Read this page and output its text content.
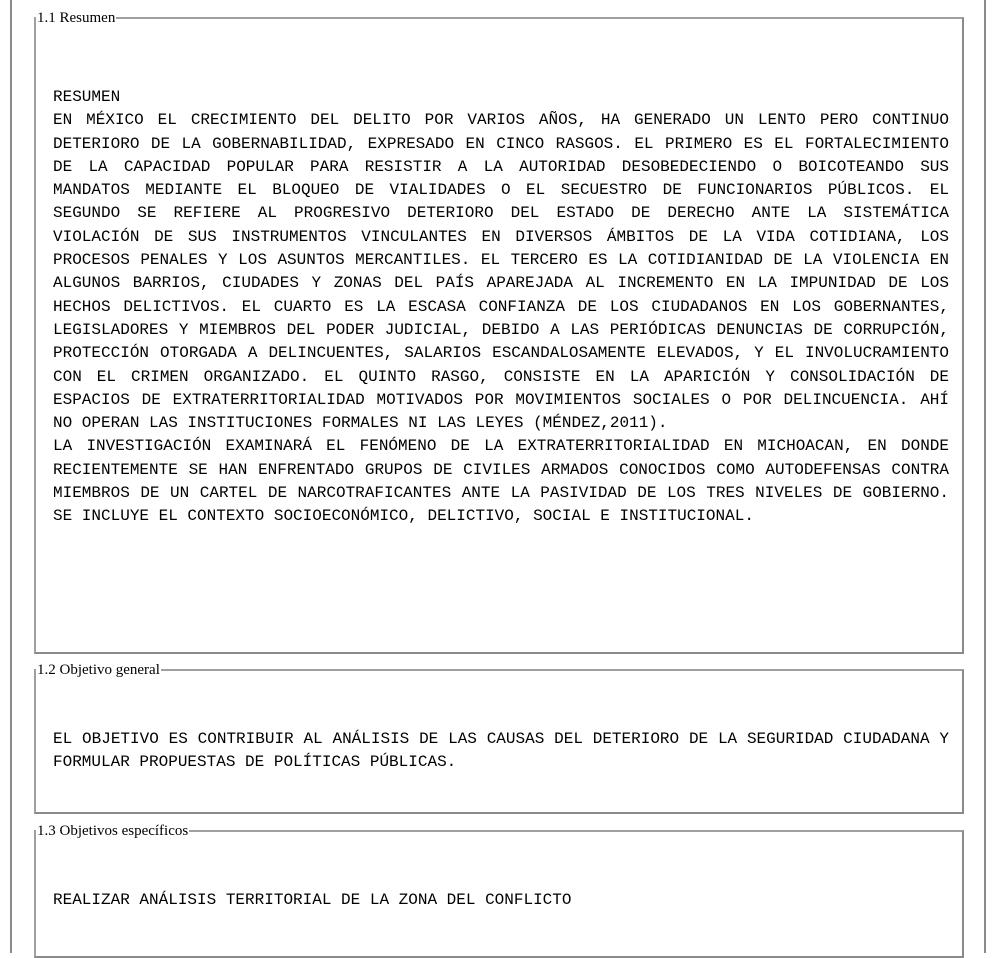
1.1 Resumen

RESUMEN

EN MÉXICO EL CRECIMIENTO DEL DELITO POR VARIOS AÑOS, HA GENERADO UN LENTO PERO CONTINUO DETERIORO DE LA GOBERNABILIDAD, EXPRESADO EN CINCO RASGOS. EL PRIMERO ES EL FORTALECIMIENTO DE LA CAPACIDAD POPULAR PARA RESISTIR A LA AUTORIDAD DESOBEDECIENDO O BOICOTEANDO SUS MANDATOS MEDIANTE EL BLOQUEO DE VIALIDADES O EL SECUESTRO DE FUNCIONARIOS PÚBLICOS. EL SEGUNDO SE REFIERE AL PROGRESIVO DETERIORO DEL ESTADO DE DERECHO ANTE LA SISTEMÁTICA VIOLACIÓN DE SUS INSTRUMENTOS VINCULANTES EN DIVERSOS ÁMBITOS DE LA VIDA COTIDIANA, LOS PROCESOS PENALES Y LOS ASUNTOS MERCANTILES. EL TERCERO ES LA COTIDIANIDAD DE LA VIOLENCIA EN ALGUNOS BARRIOS, CIUDADES Y ZONAS DEL PAÍS APAREJADA AL INCREMENTO EN LA IMPUNIDAD DE LOS HECHOS DELICTIVOS. EL CUARTO ES LA ESCASA CONFIANZA DE LOS CIUDADANOS EN LOS GOBERNANTES, LEGISLADORES Y MIEMBROS DEL PODER JUDICIAL, DEBIDO A LAS PERIÓDICAS DENUNCIAS DE CORRUPCIÓN, PROTECCIÓN OTORGADA A DELINCUENTES, SALARIOS ESCANDALOSAMENTE ELEVADOS, Y EL INVOLUCRAMIENTO CON EL CRIMEN ORGANIZADO. EL QUINTO RASGO, CONSISTE EN LA APARICIÓN Y CONSOLIDACIÓN DE ESPACIOS DE EXTRATERRITORIALIDAD MOTIVADOS POR MOVIMIENTOS SOCIALES O POR DELINCUENCIA. AHÍ NO OPERAN LAS INSTITUCIONES FORMALES NI LAS LEYES (MÉNDEZ,2011).

LA INVESTIGACIÓN EXAMINARÁ EL FENÓMENO DE LA EXTRATERRITORIALIDAD EN MICHOACAN, EN DONDE RECIENTEMENTE SE HAN ENFRENTADO GRUPOS DE CIVILES ARMADOS CONOCIDOS COMO AUTODEFENSAS CONTRA MIEMBROS DE UN CARTEL DE NARCOTRAFICANTES ANTE LA PASIVIDAD DE LOS TRES NIVELES DE GOBIERNO. SE INCLUYE EL CONTEXTO SOCIOECONÓMICO, DELICTIVO, SOCIAL E INSTITUCIONAL.

1.2 Objetivo general

EL OBJETIVO ES CONTRIBUIR AL ANÁLISIS DE LAS CAUSAS DEL DETERIORO DE LA SEGURIDAD CIUDADANA Y FORMULAR PROPUESTAS DE POLÍTICAS PÚBLICAS.

1.3 Objetivos específicos

REALIZAR ANÁLISIS TERRITORIAL DE LA ZONA DEL CONFLICTO
